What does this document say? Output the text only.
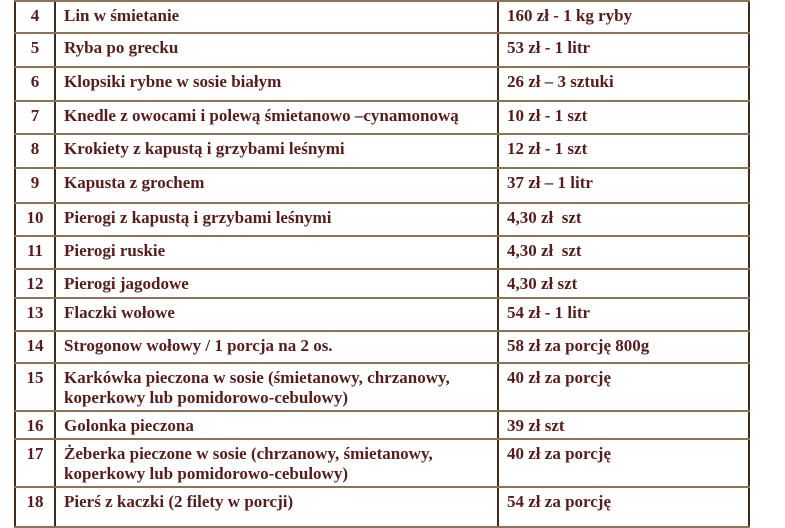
4	Lin w śmietanie	160 zł - 1 kg ryby
5	Ryba po grecku	53 zł - 1 litr
6	Klopsiki rybne w sosie białym	26 zł – 3 sztuki
7	Knedle z owocami i polewą śmietanowo –cynamonową	10 zł - 1 szt
8	Krokiety z kapustą i grzybami leśnymi	12 zł - 1 szt
9	Kapusta z grochem	37 zł – 1 litr
10	Pierogi z kapustą i grzybami leśnymi	4,30 zł  szt
11	Pierogi ruskie	4,30 zł  szt
12	Pierogi jagodowe	4,30 zł szt
13	Flaczki wołowe	54 zł - 1 litr
14	Strogonow wołowy / 1 porcja na 2 os.	58 zł za porcję 800g
15	Karkówka pieczona w sosie (śmietanowy, chrzanowy, koperkowy lub pomidorowo-cebulowy)	40 zł za porcję
16	Golonka pieczona	39 zł szt
17	Żeberka pieczone w sosie (chrzanowy, śmietanowy, koperkowy lub pomidorowo-cebulowy)	40 zł za porcję
18	Pierś z kaczki (2 filety w porcji)	54 zł za porcję
